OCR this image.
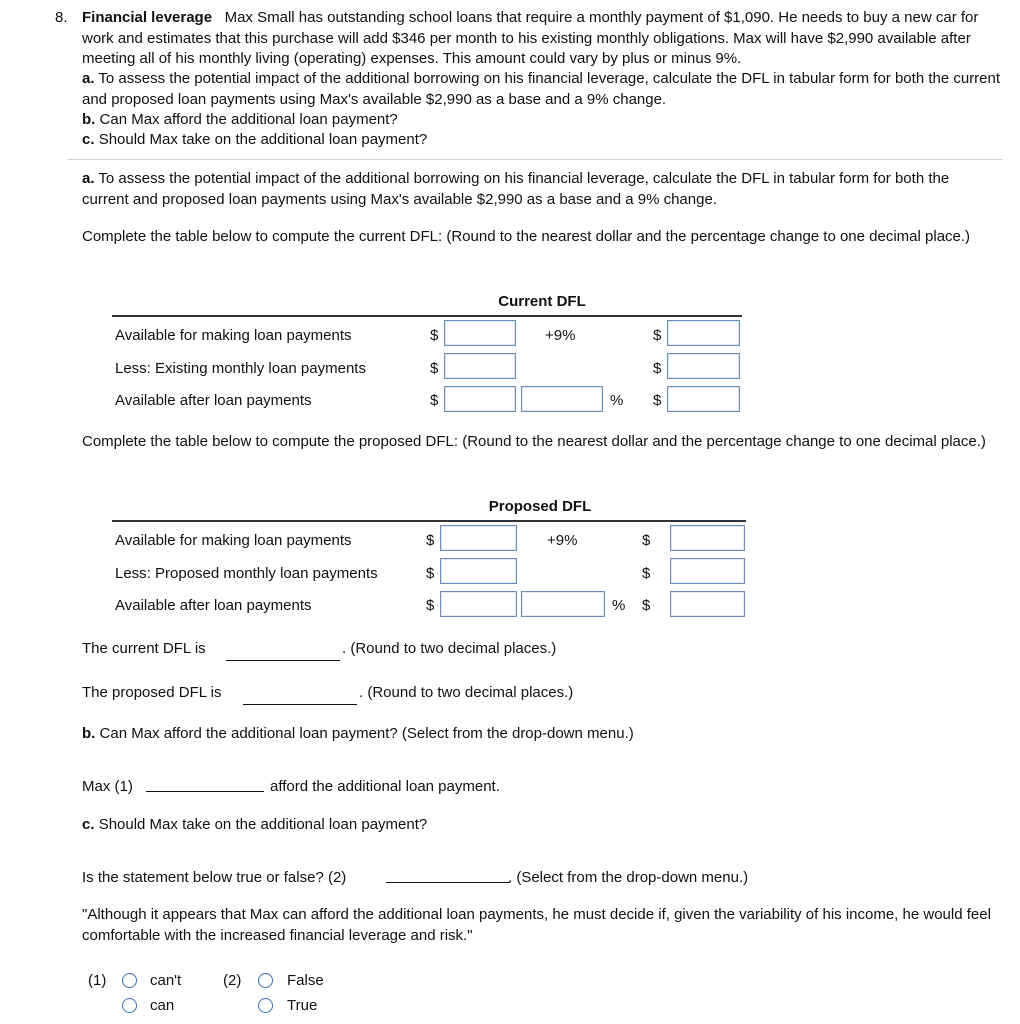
8. Financial leverage Max Small has outstanding school loans that require a monthly payment of $1,090. He needs to buy a new car for work and estimates that this purchase will add $346 per month to his existing monthly obligations. Max will have $2,990 available after meeting all of his monthly living (operating) expenses. This amount could vary by plus or minus 9%.
a. To assess the potential impact of the additional borrowing on his financial leverage, calculate the DFL in tabular form for both the current and proposed loan payments using Max's available $2,990 as a base and a 9% change.
b. Can Max afford the additional loan payment?
c. Should Max take on the additional loan payment?
a. To assess the potential impact of the additional borrowing on his financial leverage, calculate the DFL in tabular form for both the current and proposed loan payments using Max's available $2,990 as a base and a 9% change.
Complete the table below to compute the current DFL: (Round to the nearest dollar and the percentage change to one decimal place.)
Current DFL
Available for making loan payments	$	+9%	$
Less: Existing monthly loan payments	$	$
Available after loan payments	$	% $
Complete the table below to compute the proposed DFL: (Round to the nearest dollar and the percentage change to one decimal place.)
Proposed DFL
Available for making loan payments	$	+9%	$
Less: Proposed monthly loan payments	$	$
Available after loan payments	$	% $
The current DFL is	. (Round to two decimal places.)
The proposed DFL is	. (Round to two decimal places.)
b. Can Max afford the additional loan payment? (Select from the drop-down menu.)
Max (1)	afford the additional loan payment.
c. Should Max take on the additional loan payment?
Is the statement below true or false? (2)	. (Select from the drop-down menu.)
"Although it appears that Max can afford the additional loan payments, he must decide if, given the variability of his income, he would feel comfortable with the increased financial leverage and risk."
(1)	can't
can
(2)	False
True
